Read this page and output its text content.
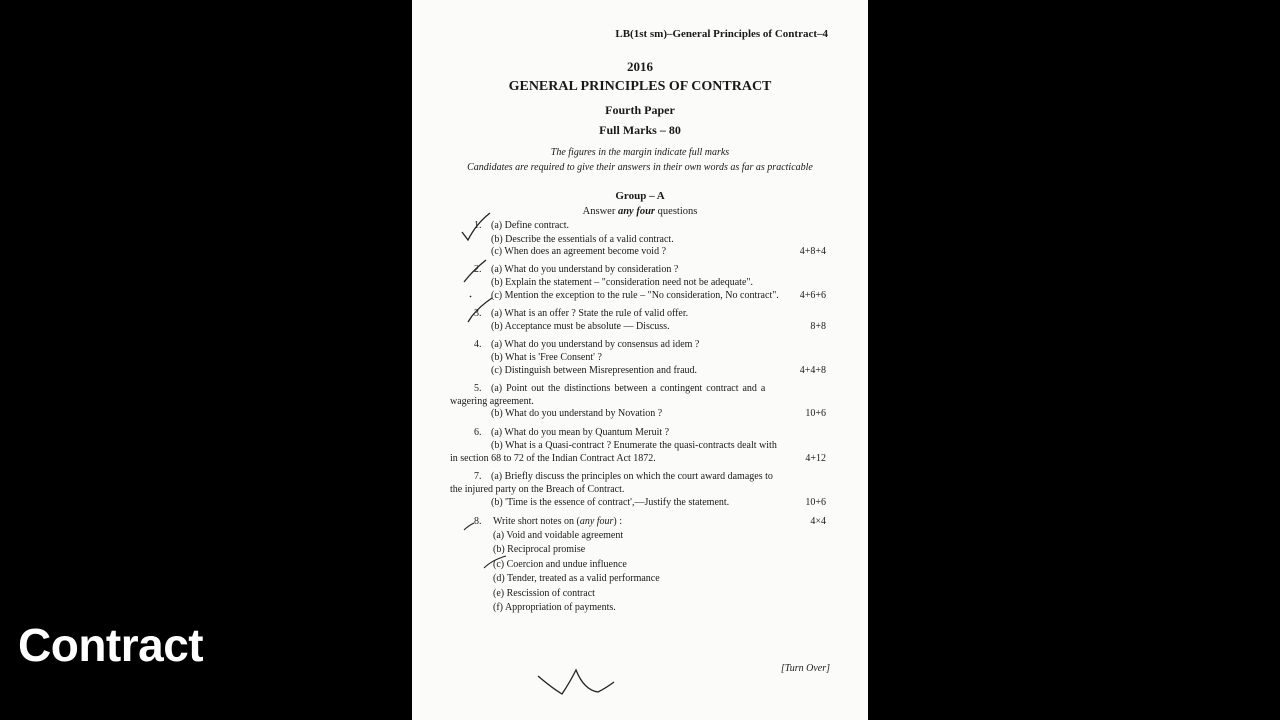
Contract
LB(1st sm)–General Principles of Contract–4
2016
GENERAL PRINCIPLES OF CONTRACT
Fourth Paper
Full Marks – 80
The figures in the margin indicate full marks
Candidates are required to give their answers in their own words as far as practicable
Group – A
Answer any four questions
1. (a) Define contract.
(b) Describe the essentials of a valid contract.
(c) When does an agreement become void ?	4+8+4
2. (a) What do you understand by consideration ?
(b) Explain the statement – "consideration need not be adequate".
(c) Mention the exception to the rule – "No consideration, No contract". 4+6+6
3. (a) What is an offer ? State the rule of valid offer.
(b) Acceptance must be absolute — Discuss.	8+8
4. (a) What do you understand by consensus ad idem ?
(b) What is 'Free Consent' ?
(c) Distinguish between Misrepresention and fraud.	4+4+8
5. (a) Point out the distinctions between a contingent contract and a
wagering agreement.
(b) What do you understand by Novation ?	10+6
6. (a) What do you mean by Quantum Meruit ?
(b) What is a Quasi-contract ? Enumerate the quasi-contracts dealt with
in section 68 to 72 of the Indian Contract Act 1872.	4+12
7. (a) Briefly discuss the principles on which the court award damages to
the injured party on the Breach of Contract.
(b) 'Time is the essence of contract',—Justify the statement.	10+6
8. Write short notes on (any four) :	4×4
(a) Void and voidable agreement
(b) Reciprocal promise
(c) Coercion and undue influence
(d) Tender, treated as a valid performance
(e) Rescission of contract
(f) Appropriation of payments.
[Turn Over]
